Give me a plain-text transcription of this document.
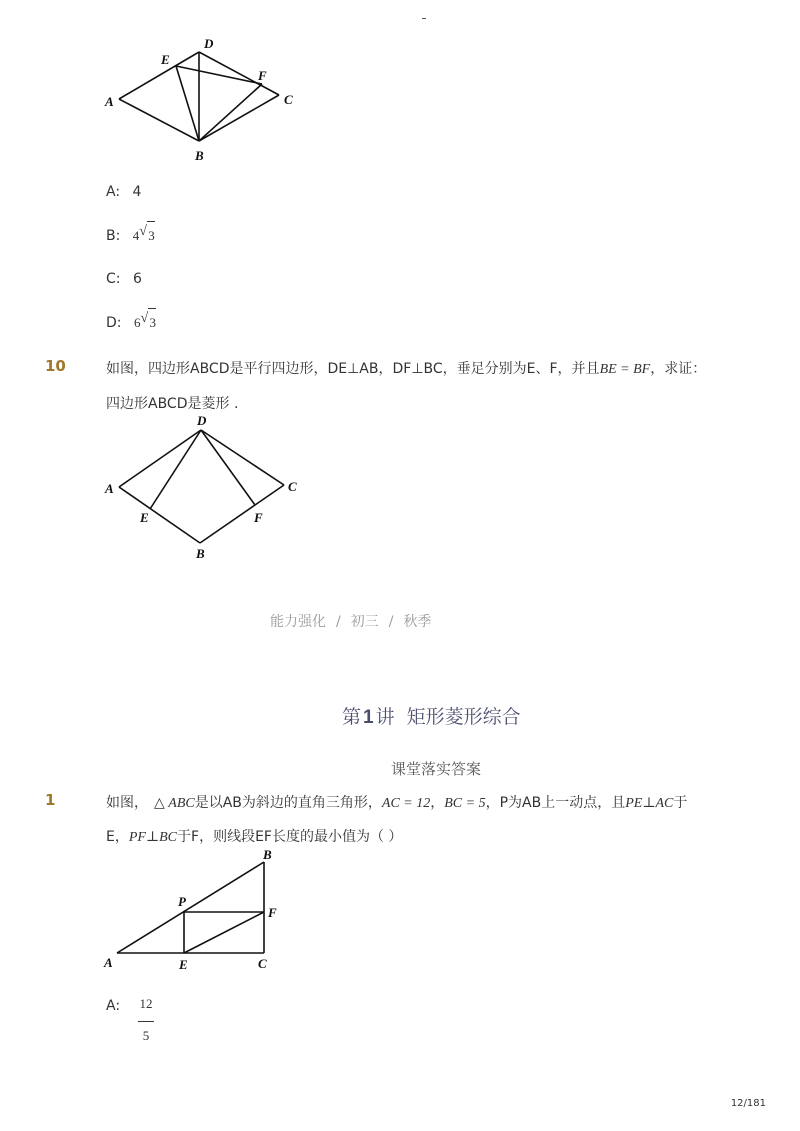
A
B
C
D
E
F
A: 4
B: 4 √ 3
C: 6
D: 6 √ 3
10	如图，四边形ABCD是平行四边形，DE⊥AB，DF⊥BC，垂足分别为E、F，并且BE = BF，求证：
四边形ABCD是菱形 .
A
B
C
D
E	F
能力强化 / 初三 / 秋季
第 1 讲 矩形菱形综合
课堂落实答案
1	如图， △ ABC是以AB为斜边的直角三角形，AC = 12，BC = 5，P为AB上一动点，且PE⊥AC于
E，PF⊥BC于F，则线段EF长度的最小值为（ ）
A
B
C
P
E
F
A: 12
5
12/181
